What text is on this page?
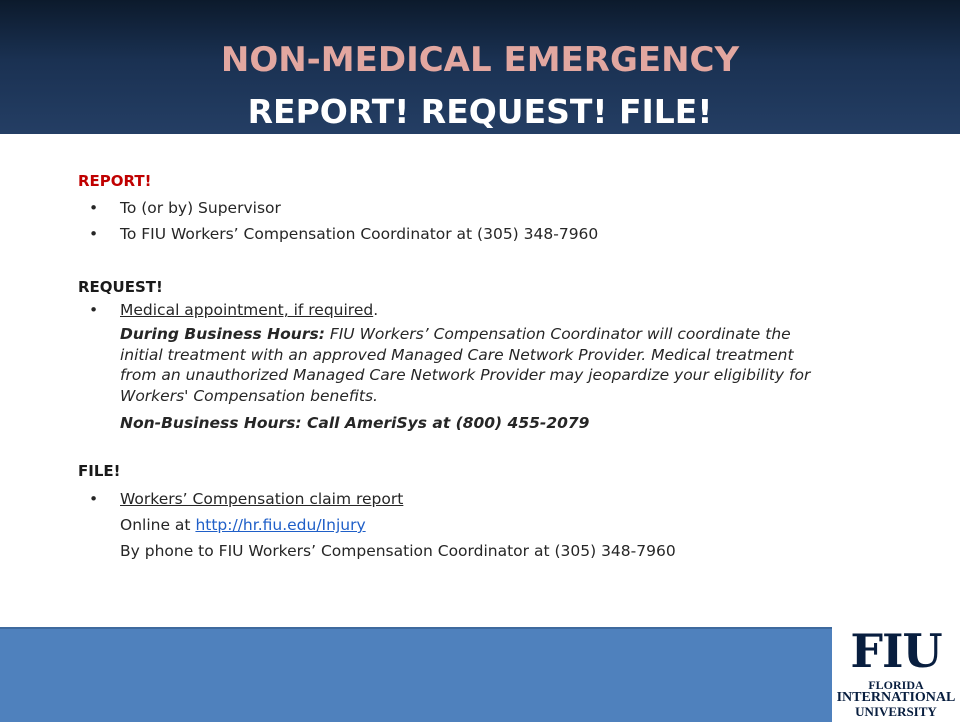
NON-MEDICAL EMERGENCY
REPORT! REQUEST! FILE!
REPORT!
• To (or by) Supervisor
• To FIU Workers’ Compensation Coordinator at (305) 348-7960
REQUEST!
• Medical appointment, if required.
During Business Hours: FIU Workers’ Compensation Coordinator will coordinate the initial treatment with an approved Managed Care Network Provider. Medical treatment from an unauthorized Managed Care Network Provider may jeopardize your eligibility for Workers' Compensation benefits.
Non-Business Hours: Call AmeriSys at (800) 455-2079
FILE!
• Workers’ Compensation claim report
Online at http://hr.fiu.edu/Injury
By phone to FIU Workers’ Compensation Coordinator at (305) 348-7960
FIU
FLORIDA
INTERNATIONAL
UNIVERSITY
